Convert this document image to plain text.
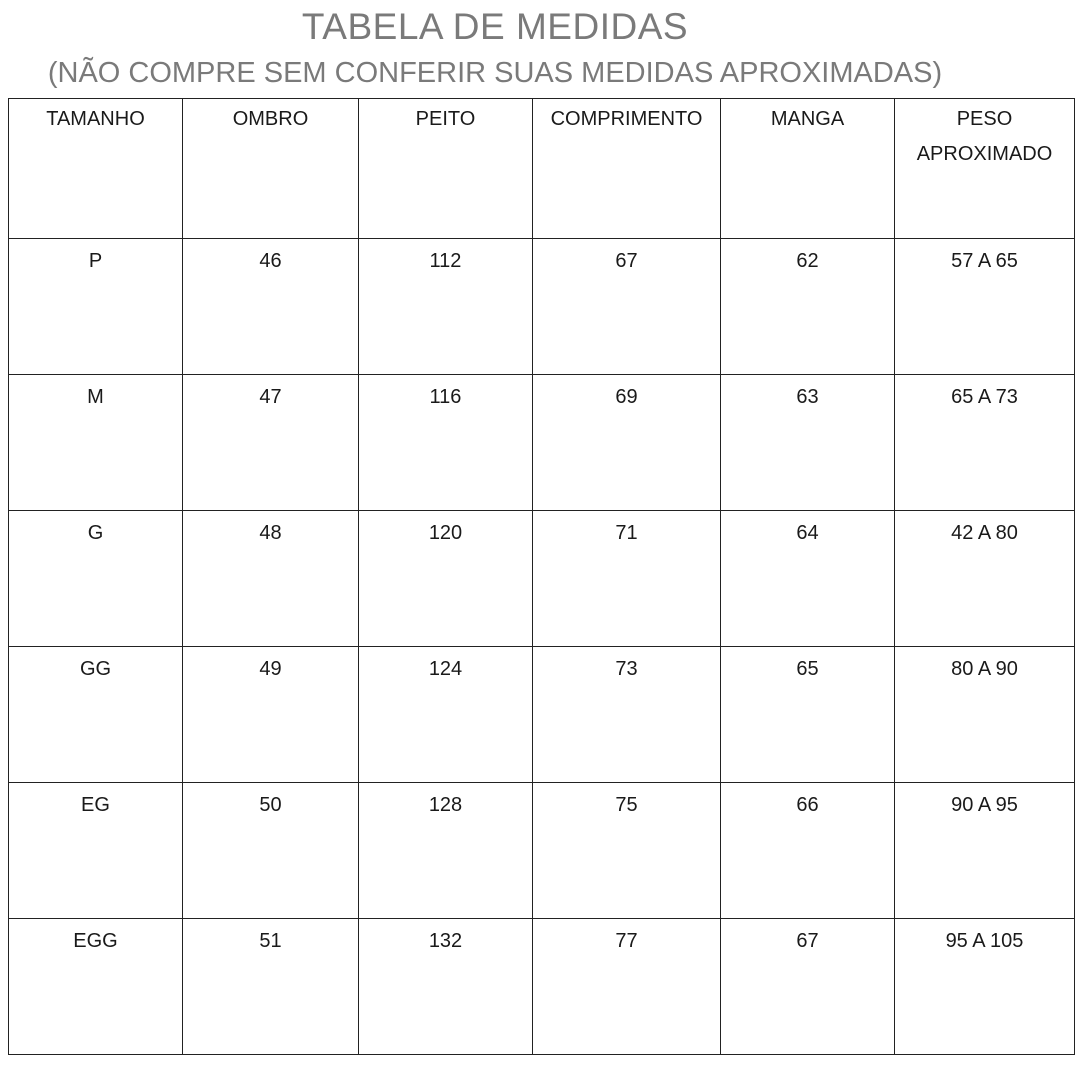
TABELA DE MEDIDAS
(NÃO COMPRE SEM CONFERIR SUAS MEDIDAS APROXIMADAS)
TAMANHO	OMBRO	PEITO	COMPRIMENTO	MANGA	PESO
APROXIMADO

P	46	112	67	62	57 A 65
M	47	116	69	63	65 A 73
G	48	120	71	64	42 A 80
GG	49	124	73	65	80 A 90
EG	50	128	75	66	90 A 95
EGG	51	132	77	67	95 A 105
